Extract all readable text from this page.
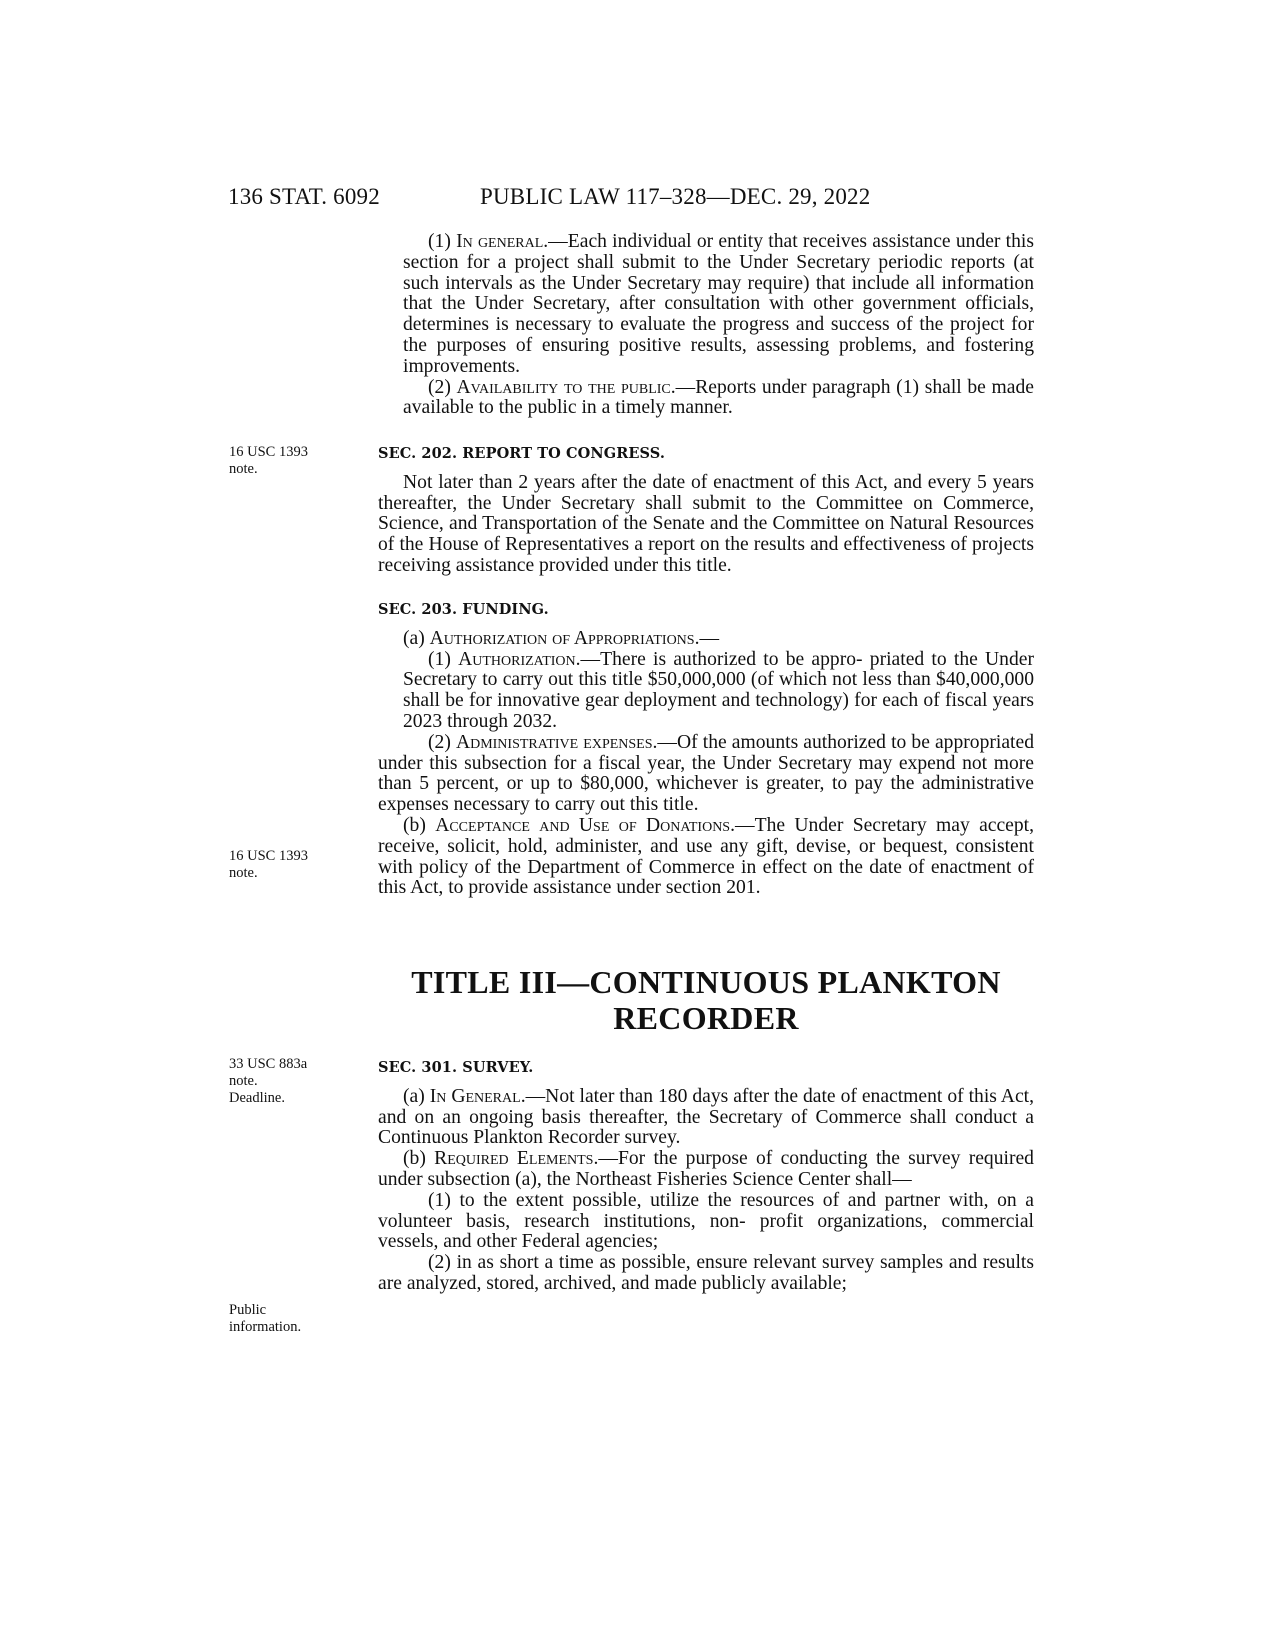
136 STAT. 6092	PUBLIC LAW 117–328—DEC. 29, 2022

(1) In general.—Each individual or entity that receives assistance under this section for a project shall submit to the Under Secretary periodic reports (at such intervals as the Under Secretary may require) that include all information that the Under Secretary, after consultation with other government officials, determines is necessary to evaluate the progress and success of the project for the purposes of ensuring positive results, assessing problems, and fostering improvements.

(2) Availability to the public.—Reports under paragraph (1) shall be made available to the public in a timely manner.

16 USC 1393
note.

SEC. 202. REPORT TO CONGRESS.

Not later than 2 years after the date of enactment of this Act, and every 5 years thereafter, the Under Secretary shall submit to the Committee on Commerce, Science, and Transportation of the Senate and the Committee on Natural Resources of the House of Representatives a report on the results and effectiveness of projects receiving assistance provided under this title.

SEC. 203. FUNDING.

(a) Authorization of Appropriations.—

(1) Authorization.—There is authorized to be appro- priated to the Under Secretary to carry out this title $50,000,000 (of which not less than $40,000,000 shall be for innovative gear deployment and technology) for each of fiscal years 2023 through 2032.

(2) Administrative expenses.—Of the amounts authorized to be appropriated under this subsection for a fiscal year, the Under Secretary may expend not more than 5 percent, or up to $80,000, whichever is greater, to pay the administrative expenses necessary to carry out this title.

(b) Acceptance and Use of Donations.—The Under Secretary may accept, receive, solicit, hold, administer, and use any gift, devise, or bequest, consistent with policy of the Department of Commerce in effect on the date of enactment of this Act, to provide assistance under section 201.

16 USC 1393
note.
TITLE III—CONTINUOUS PLANKTON
RECORDER
33 USC 883a
note.
Deadline.

SEC. 301. SURVEY.

(a) In General.—Not later than 180 days after the date of enactment of this Act, and on an ongoing basis thereafter, the Secretary of Commerce shall conduct a Continuous Plankton Recorder survey.

(b) Required Elements.—For the purpose of conducting the survey required under subsection (a), the Northeast Fisheries Science Center shall—

(1) to the extent possible, utilize the resources of and partner with, on a volunteer basis, research institutions, non- profit organizations, commercial vessels, and other Federal agencies;

(2) in as short a time as possible, ensure relevant survey samples and results are analyzed, stored, archived, and made publicly available;

Public
information.
